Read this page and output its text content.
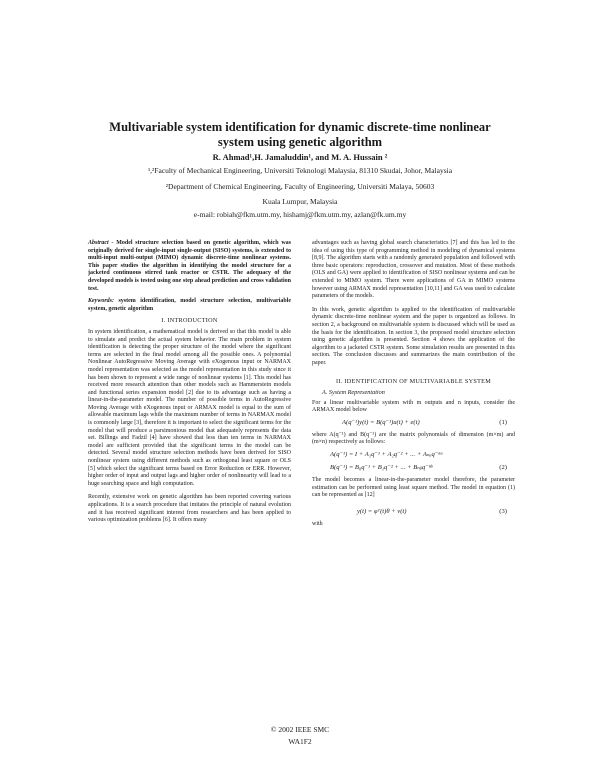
Multivariable system identification for dynamic discrete-time nonlinear
system using genetic algorithm
R. Ahmad¹,H. Jamaluddin¹, and M. A. Hussain ²
¹,²Faculty of Mechanical Engineering, Universiti Teknologi Malaysia, 81310 Skudai, Johor, Malaysia
²Department of Chemical Engineering, Faculty of Engineering, Universiti Malaya, 50603
Kuala Lumpur, Malaysia
e-mail: robiah@fkm.utm.my, hishamj@fkm.utm.my, azlan@fk.um.my

Abstract - Model structure selection based on genetic algorithm, which was originally derived for single-input single-output (SISO) systems, is extended to multi-input multi-output (MIMO) dynamic discrete-time nonlinear systems. This paper studies the algorithm in identifying the model structure for a jacketed continuous stirred tank reactor or CSTR. The adequacy of the developed models is tested using one step ahead prediction and cross validation test.

Keywords: system identification, model structure selection, multivariable system, genetic algorithm

I. INTRODUCTION

In system identification, a mathematical model is derived so that this model is able to simulate and predict the actual system behavior. The main problem in system identification is detecting the proper structure of the model where the significant terms are selected in the final model among all the possible ones. A polynomial Nonlinear AutoRegressive Moving Average with eXogenous input or NARMAX model representation was selected as the model representation in this study since it has been shown to represent a wide range of nonlinear systems [1]. This model has received more research attention than other models such as Hammerstein models and functional series expansion model [2] due to its advantage such as having a linear-in-the-parameter model. The number of possible terms in AutoRegressive Moving Average with eXogenous input or ARMAX model is equal to the sum of allowable maximum lags while the maximum number of terms in NARMAX model is commonly large [3], therefore it is important to select the significant terms for the model that will produce a parsimonious model that adequately represents the data set. Billings and Fadzil [4] have showed that less than ten terms in NARMAX model are sufficient provided that the significant terms in the model can be detected. Several model structure selection methods have been derived for SISO nonlinear system using different methods such as orthogonal least square or OLS [5] which select the significant terms based on Error Reduction or ERR. However, higher order of input and output lags and higher order of nonlinearity will lead to a huge searching space and high computation.

Recently, extensive work on genetic algorithm has been reported covering various applications. It is a search procedure that imitates the principle of natural evolution and it has received significant interest from researchers and has been applied to various optimization problems [6]. It offers many

advantages such as having global search characteristics [7] and this has led to the idea of using this type of programming method in modeling of dynamical systems [8,9]. The algorithm starts with a randomly generated population and followed with three basic operators: reproduction, crossover and mutation. Most of these methods (OLS and GA) were applied to identification of SISO nonlinear systems and can be extended to MIMO system. There were applications of GA in MIMO systems however using ARMAX model representation [10,11] and GA was used to calculate parameters of the models.

In this work, genetic algorithm is applied to the identification of multivariable dynamic discrete-time nonlinear system and the paper is organized as follows. In section 2, a background on multivariable system is discussed which will be used as the basis for the identification. In section 3, the proposed model structure selection using genetic algorithm is presented. Section 4 shows the application of the algorithm to a jacketed CSTR system. Some simulation results are presented in this section. The conclusion discusses and summarizes the main contribution of the paper.

II. IDENTIFICATION OF MULTIVARIABLE SYSTEM
A. System Representation

For a linear multivariable system with m outputs and n inputs, consider the ARMAX model below

A(q⁻¹)y(t) = B(q⁻¹)u(t) + e(t)	(1)

where A(q⁻¹) and B(q⁻¹) are the matrix polynomials of dimension (m×m) and (m×n) respectively as follows:

A(q⁻¹) = I + A₁q⁻¹ + A₂q⁻² + ... + Aₙₐq⁻ⁿᵃ
B(q⁻¹) = B₀q⁻¹ + B₁q⁻² + ... + Bₙᵦq⁻ⁿᵇ	(2)

The model becomes a linear-in-the-parameter model therefore, the parameter estimation can be performed using least square method. The model in equation (1) can be represented as [12]

y(t) = φᵀ(t)θ + v(t)	(3)

with

© 2002 IEEE SMC
WA1F2
